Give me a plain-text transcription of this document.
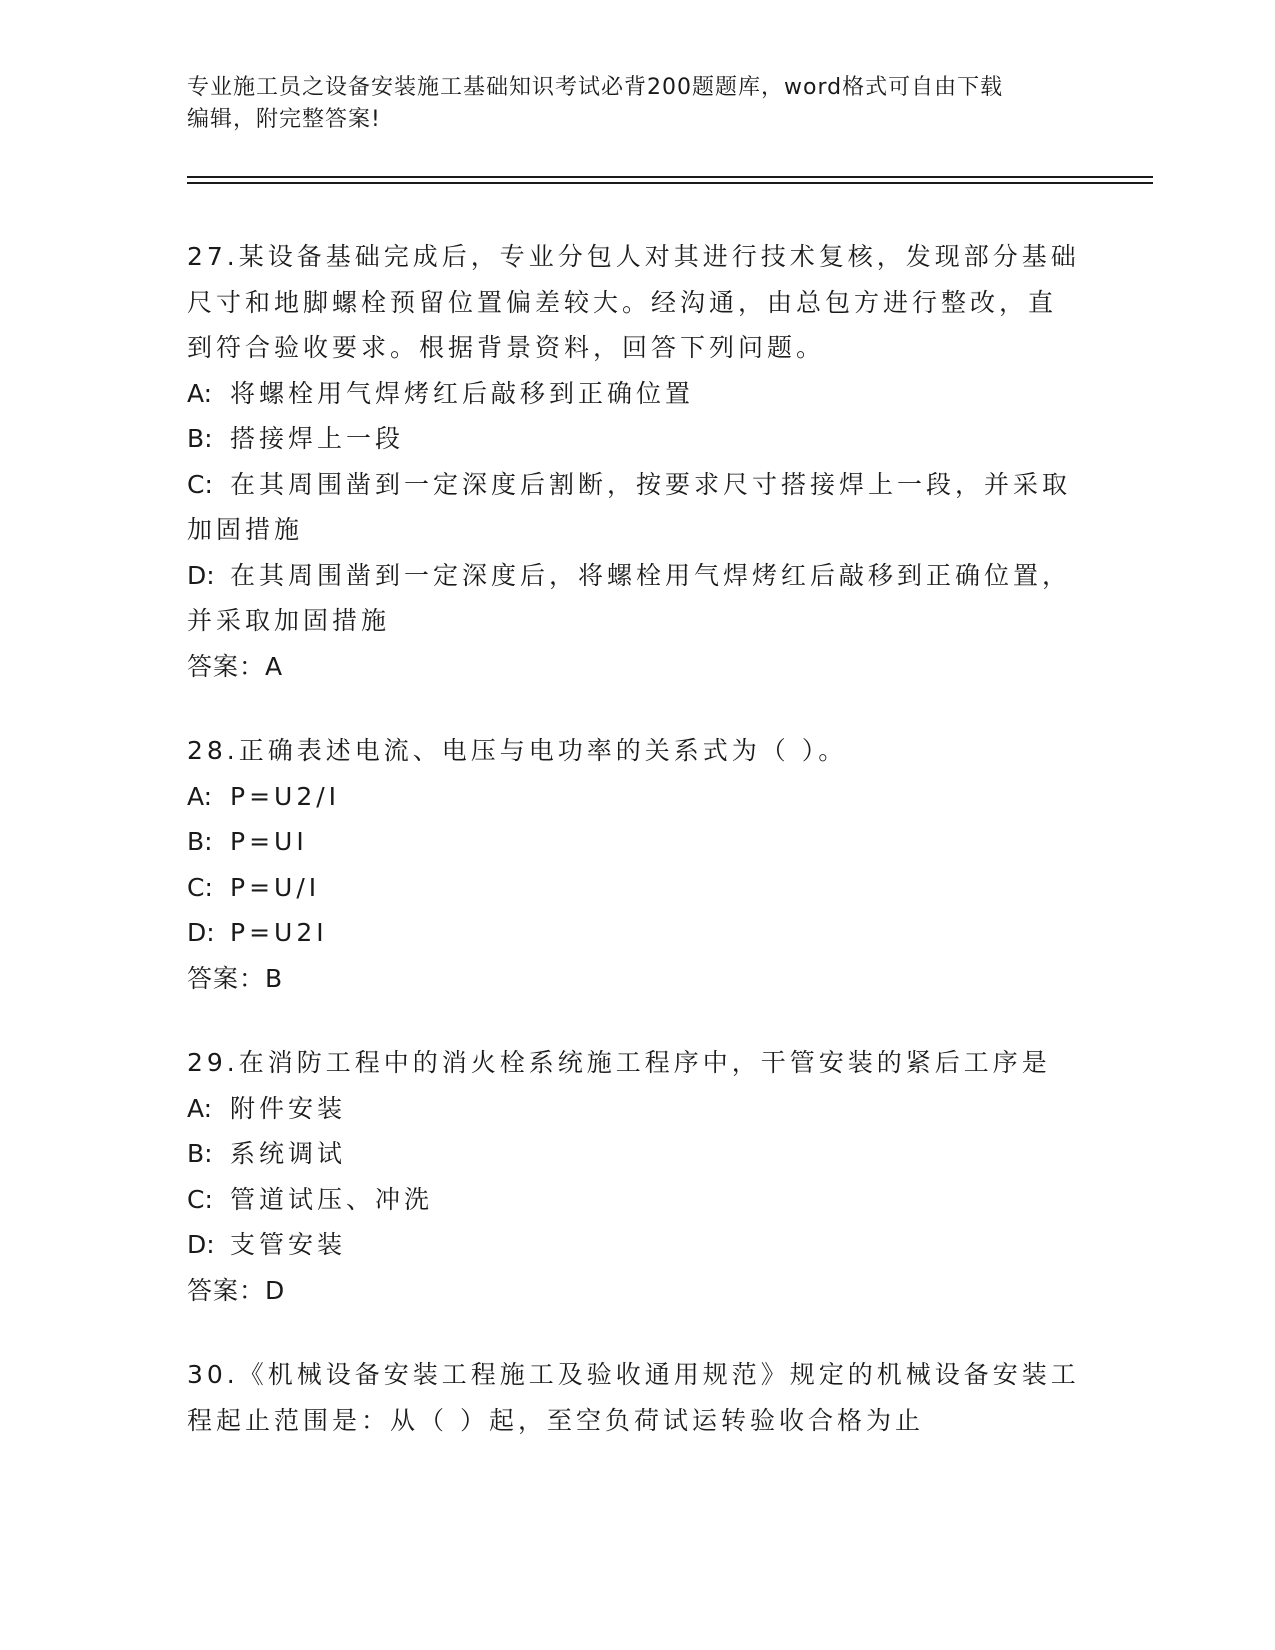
专业施工员之设备安装施工基础知识考试必背200题题库，word格式可自由下载
编辑，附完整答案!
27.某设备基础完成后，专业分包人对其进行技术复核，发现部分基础
尺寸和地脚螺栓预留位置偏差较大。经沟通，由总包方进行整改，直
到符合验收要求。根据背景资料，回答下列问题。
A: 将螺栓用气焊烤红后敲移到正确位置
B: 搭接焊上一段
C: 在其周围凿到一定深度后割断，按要求尺寸搭接焊上一段，并采取
加固措施
D: 在其周围凿到一定深度后，将螺栓用气焊烤红后敲移到正确位置，
并采取加固措施
答案：A
28.正确表述电流、电压与电功率的关系式为（ ）。
A: P=U2/I
B: P=UI
C: P=U/I
D: P=U2I
答案：B
29.在消防工程中的消火栓系统施工程序中，干管安装的紧后工序是
A: 附件安装
B: 系统调试
C: 管道试压、冲洗
D: 支管安装
答案：D
30.《机械设备安装工程施工及验收通用规范》规定的机械设备安装工
程起止范围是：从（ ）起，至空负荷试运转验收合格为止
